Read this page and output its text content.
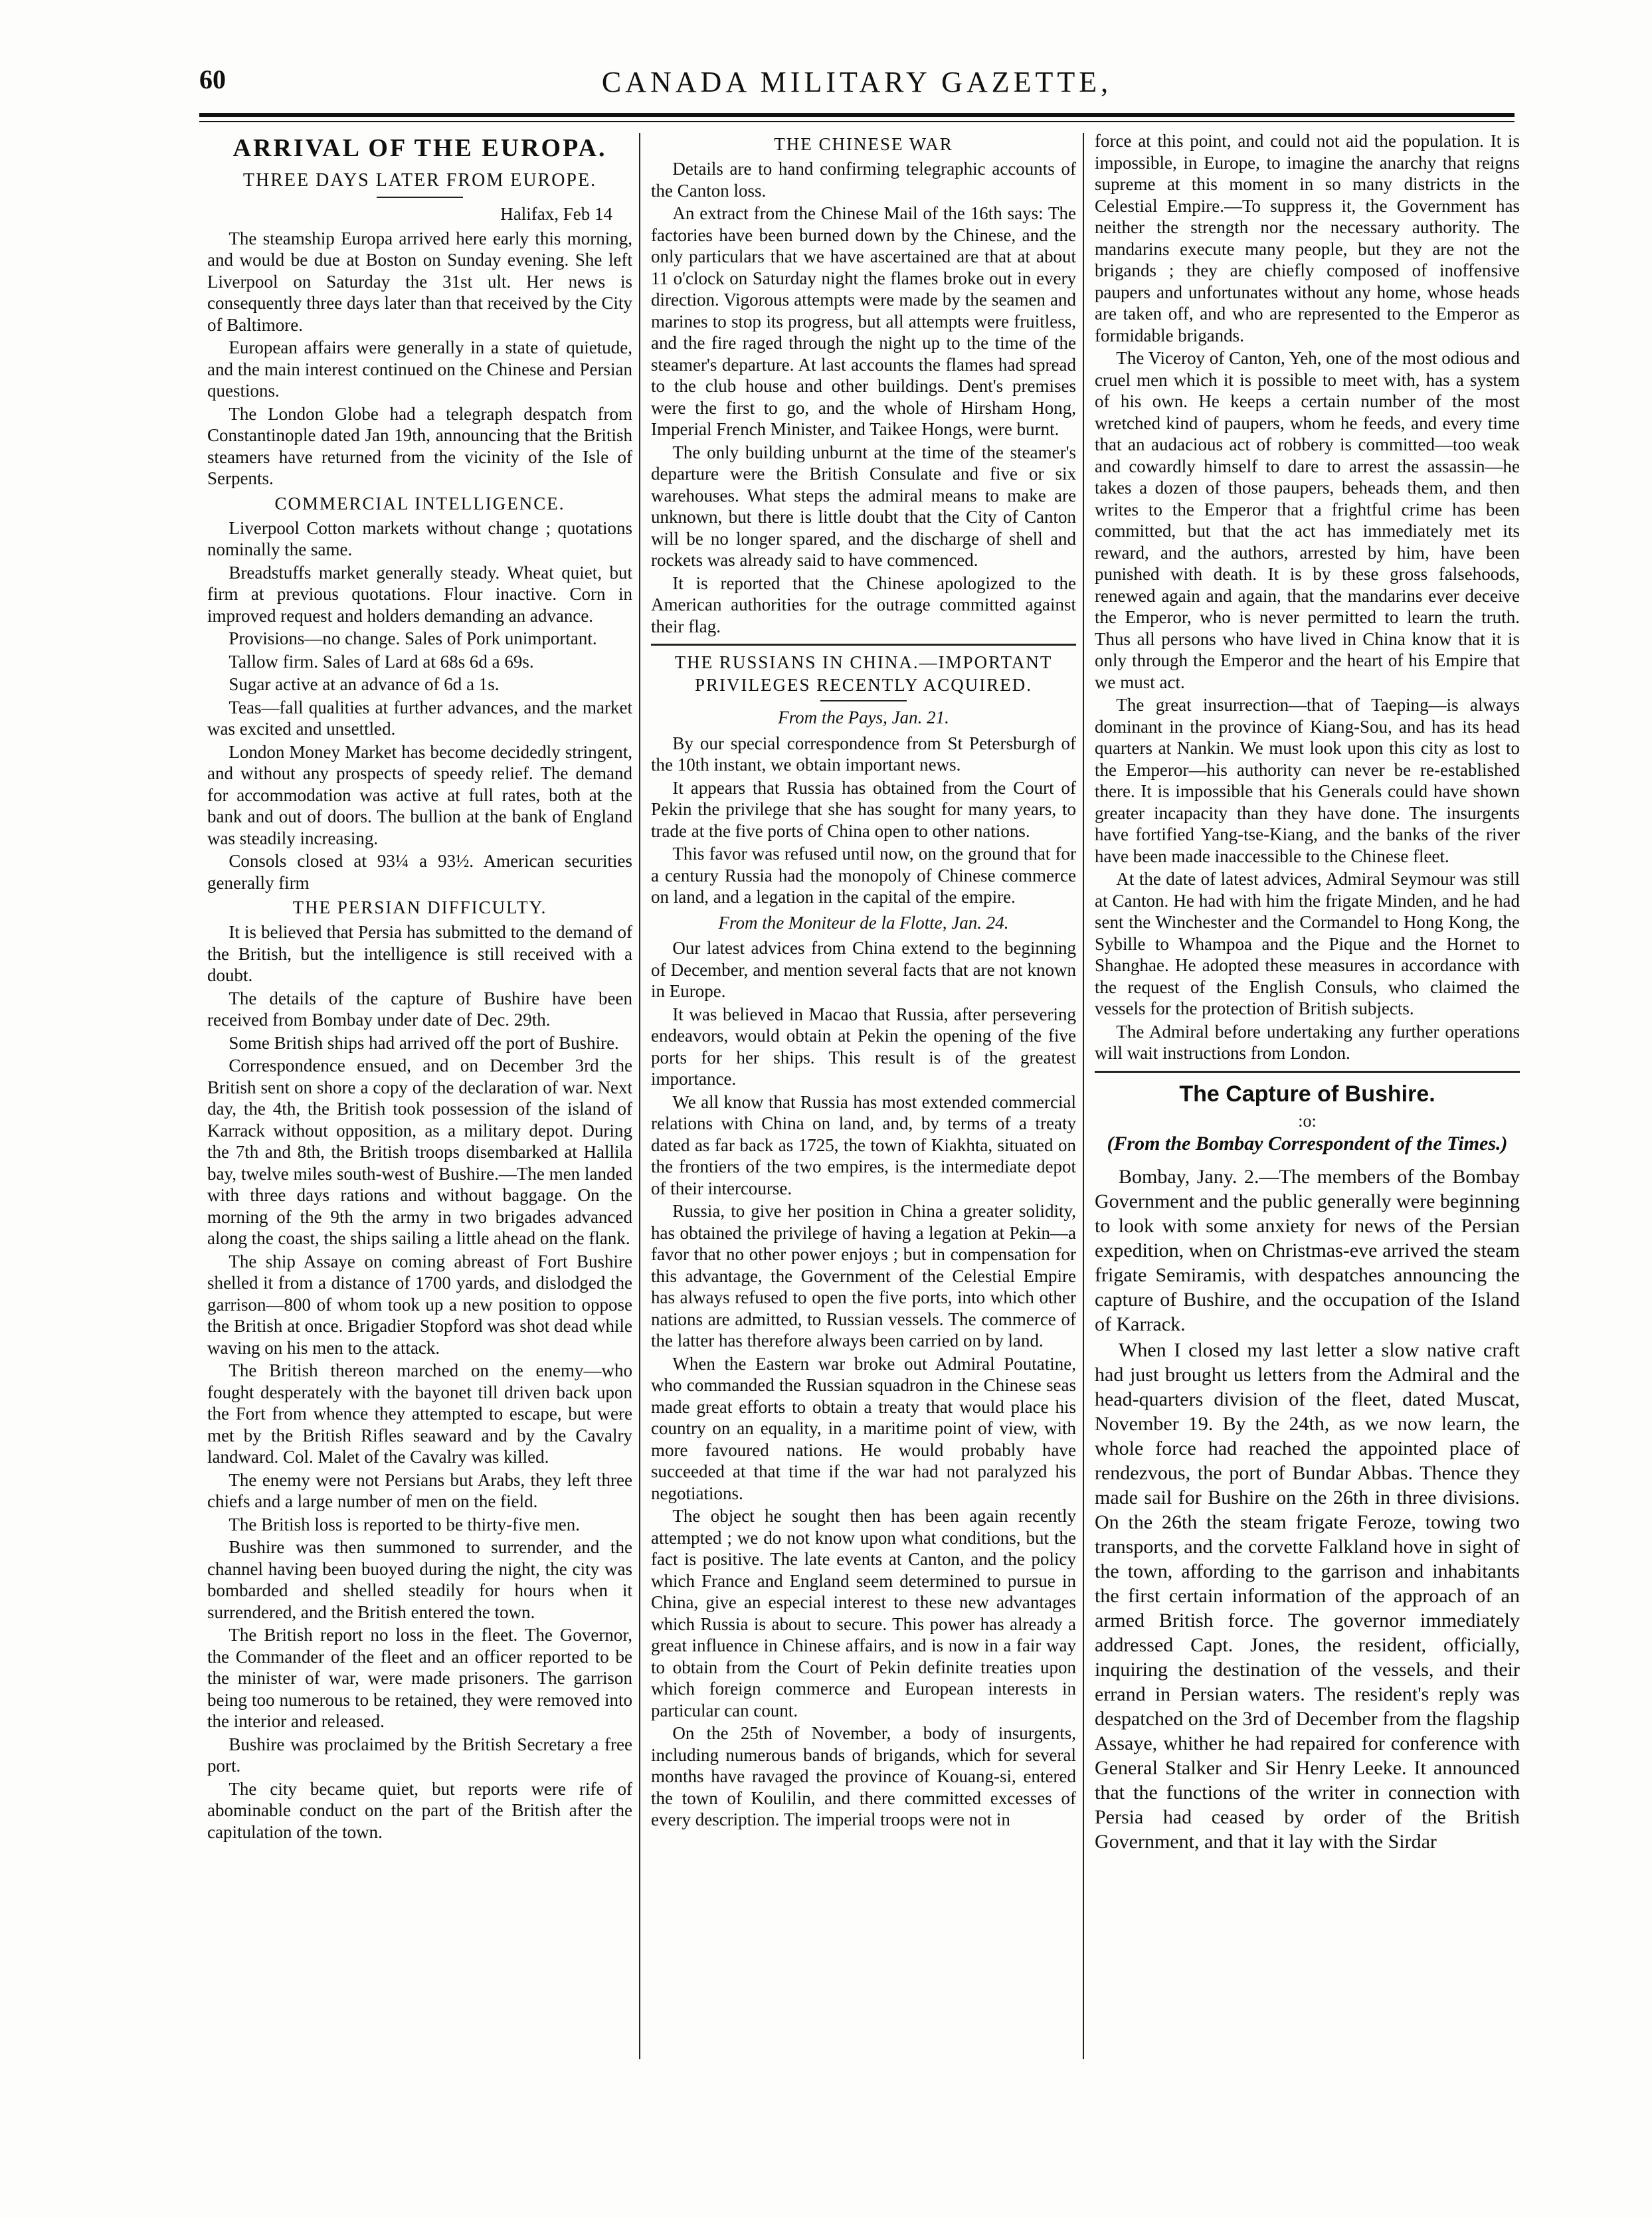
60	CANADA MILITARY GAZETTE,
ARRIVAL OF THE EUROPA.
THREE DAYS LATER FROM EUROPE.
Halifax, Feb 14

The steamship Europa arrived here early this morning, and would be due at Boston on Sunday evening. She left Liverpool on Saturday the 31st ult. Her news is consequently three days later than that received by the City of Baltimore.

European affairs were generally in a state of quietude, and the main interest continued on the Chinese and Persian questions.

The London Globe had a telegraph despatch from Constantinople dated Jan 19th, announcing that the British steamers have returned from the vicinity of the Isle of Serpents.

COMMERCIAL INTELLIGENCE.

Liverpool Cotton markets without change ; quotations nominally the same.

Breadstuffs market generally steady. Wheat quiet, but firm at previous quotations. Flour inactive. Corn in improved request and holders demanding an advance.

Provisions—no change. Sales of Pork unimportant.

Tallow firm. Sales of Lard at 68s 6d a 69s.

Sugar active at an advance of 6d a 1s.

Teas—fall qualities at further advances, and the market was excited and unsettled.

London Money Market has become decidedly stringent, and without any prospects of speedy relief. The demand for accommodation was active at full rates, both at the bank and out of doors. The bullion at the bank of England was steadily increasing.

Consols closed at 93¼ a 93½. American securities generally firm

THE PERSIAN DIFFICULTY.

It is believed that Persia has submitted to the demand of the British, but the intelligence is still received with a doubt.

The details of the capture of Bushire have been received from Bombay under date of Dec. 29th.

Some British ships had arrived off the port of Bushire.

Correspondence ensued, and on December 3rd the British sent on shore a copy of the declaration of war. Next day, the 4th, the British took possession of the island of Karrack without opposition, as a military depot. During the 7th and 8th, the British troops disembarked at Hallila bay, twelve miles south-west of Bushire.—The men landed with three days rations and without baggage. On the morning of the 9th the army in two brigades advanced along the coast, the ships sailing a little ahead on the flank.

The ship Assaye on coming abreast of Fort Bushire shelled it from a distance of 1700 yards, and dislodged the garrison—800 of whom took up a new position to oppose the British at once. Brigadier Stopford was shot dead while waving on his men to the attack.

The British thereon marched on the enemy—who fought desperately with the bayonet till driven back upon the Fort from whence they attempted to escape, but were met by the British Rifles seaward and by the Cavalry landward. Col. Malet of the Cavalry was killed.

The enemy were not Persians but Arabs, they left three chiefs and a large number of men on the field.

The British loss is reported to be thirty-five men.

Bushire was then summoned to surrender, and the channel having been buoyed during the night, the city was bombarded and shelled steadily for hours when it surrendered, and the British entered the town.

The British report no loss in the fleet. The Governor, the Commander of the fleet and an officer reported to be the minister of war, were made prisoners. The garrison being too numerous to be retained, they were removed into the interior and released.

Bushire was proclaimed by the British Secretary a free port.

The city became quiet, but reports were rife of abominable conduct on the part of the British after the capitulation of the town.

THE CHINESE WAR

Details are to hand confirming telegraphic accounts of the Canton loss.

An extract from the Chinese Mail of the 16th says: The factories have been burned down by the Chinese, and the only particulars that we have ascertained are that at about 11 o'clock on Saturday night the flames broke out in every direction. Vigorous attempts were made by the seamen and marines to stop its progress, but all attempts were fruitless, and the fire raged through the night up to the time of the steamer's departure. At last accounts the flames had spread to the club house and other buildings. Dent's premises were the first to go, and the whole of Hirsham Hong, Imperial French Minister, and Taikee Hongs, were burnt.

The only building unburnt at the time of the steamer's departure were the British Consulate and five or six warehouses. What steps the admiral means to make are unknown, but there is little doubt that the City of Canton will be no longer spared, and the discharge of shell and rockets was already said to have commenced.

It is reported that the Chinese apologized to the American authorities for the outrage committed against their flag.

THE RUSSIANS IN CHINA.—IMPORTANT PRIVILEGES RECENTLY ACQUIRED.
From the Pays, Jan. 21.

By our special correspondence from St Petersburgh of the 10th instant, we obtain important news.

It appears that Russia has obtained from the Court of Pekin the privilege that she has sought for many years, to trade at the five ports of China open to other nations.

This favor was refused until now, on the ground that for a century Russia had the monopoly of Chinese commerce on land, and a legation in the capital of the empire.

From the Moniteur de la Flotte, Jan. 24.

Our latest advices from China extend to the beginning of December, and mention several facts that are not known in Europe.

It was believed in Macao that Russia, after persevering endeavors, would obtain at Pekin the opening of the five ports for her ships. This result is of the greatest importance.

We all know that Russia has most extended commercial relations with China on land, and, by terms of a treaty dated as far back as 1725, the town of Kiakhta, situated on the frontiers of the two empires, is the intermediate depot of their intercourse.

Russia, to give her position in China a greater solidity, has obtained the privilege of having a legation at Pekin—a favor that no other power enjoys ; but in compensation for this advantage, the Government of the Celestial Empire has always refused to open the five ports, into which other nations are admitted, to Russian vessels. The commerce of the latter has therefore always been carried on by land.

When the Eastern war broke out Admiral Poutatine, who commanded the Russian squadron in the Chinese seas made great efforts to obtain a treaty that would place his country on an equality, in a maritime point of view, with more favoured nations. He would probably have succeeded at that time if the war had not paralyzed his negotiations.

The object he sought then has been again recently attempted ; we do not know upon what conditions, but the fact is positive. The late events at Canton, and the policy which France and England seem determined to pursue in China, give an especial interest to these new advantages which Russia is about to secure. This power has already a great influence in Chinese affairs, and is now in a fair way to obtain from the Court of Pekin definite treaties upon which foreign commerce and European interests in particular can count.

On the 25th of November, a body of insurgents, including numerous bands of brigands, which for several months have ravaged the province of Kouang-si, entered the town of Koulilin, and there committed excesses of every description. The imperial troops were not in

force at this point, and could not aid the population. It is impossible, in Europe, to imagine the anarchy that reigns supreme at this moment in so many districts in the Celestial Empire.—To suppress it, the Government has neither the strength nor the necessary authority. The mandarins execute many people, but they are not the brigands ; they are chiefly composed of inoffensive paupers and unfortunates without any home, whose heads are taken off, and who are represented to the Emperor as formidable brigands.

The Viceroy of Canton, Yeh, one of the most odious and cruel men which it is possible to meet with, has a system of his own. He keeps a certain number of the most wretched kind of paupers, whom he feeds, and every time that an audacious act of robbery is committed—too weak and cowardly himself to dare to arrest the assassin—he takes a dozen of those paupers, beheads them, and then writes to the Emperor that a frightful crime has been committed, but that the act has immediately met its reward, and the authors, arrested by him, have been punished with death. It is by these gross falsehoods, renewed again and again, that the mandarins ever deceive the Emperor, who is never permitted to learn the truth. Thus all persons who have lived in China know that it is only through the Emperor and the heart of his Empire that we must act.

The great insurrection—that of Taeping—is always dominant in the province of Kiang-Sou, and has its head quarters at Nankin. We must look upon this city as lost to the Emperor—his authority can never be re-established there. It is impossible that his Generals could have shown greater incapacity than they have done. The insurgents have fortified Yang-tse-Kiang, and the banks of the river have been made inaccessible to the Chinese fleet.

At the date of latest advices, Admiral Seymour was still at Canton. He had with him the frigate Minden, and he had sent the Winchester and the Cormandel to Hong Kong, the Sybille to Whampoa and the Pique and the Hornet to Shanghae. He adopted these measures in accordance with the request of the English Consuls, who claimed the vessels for the protection of British subjects.

The Admiral before undertaking any further operations will wait instructions from London.

The Capture of Bushire.
:o:
(From the Bombay Correspondent of the Times.)

Bombay, Jany. 2.—The members of the Bombay Government and the public generally were beginning to look with some anxiety for news of the Persian expedition, when on Christmas-eve arrived the steam frigate Semiramis, with despatches announcing the capture of Bushire, and the occupation of the Island of Karrack.

When I closed my last letter a slow native craft had just brought us letters from the Admiral and the head-quarters division of the fleet, dated Muscat, November 19. By the 24th, as we now learn, the whole force had reached the appointed place of rendezvous, the port of Bundar Abbas. Thence they made sail for Bushire on the 26th in three divisions. On the 26th the steam frigate Feroze, towing two transports, and the corvette Falkland hove in sight of the town, affording to the garrison and inhabitants the first certain information of the approach of an armed British force. The governor immediately addressed Capt. Jones, the resident, officially, inquiring the destination of the vessels, and their errand in Persian waters. The resident's reply was despatched on the 3rd of December from the flagship Assaye, whither he had repaired for conference with General Stalker and Sir Henry Leeke. It announced that the functions of the writer in connection with Persia had ceased by order of the British Government, and that it lay with the Sirdar
